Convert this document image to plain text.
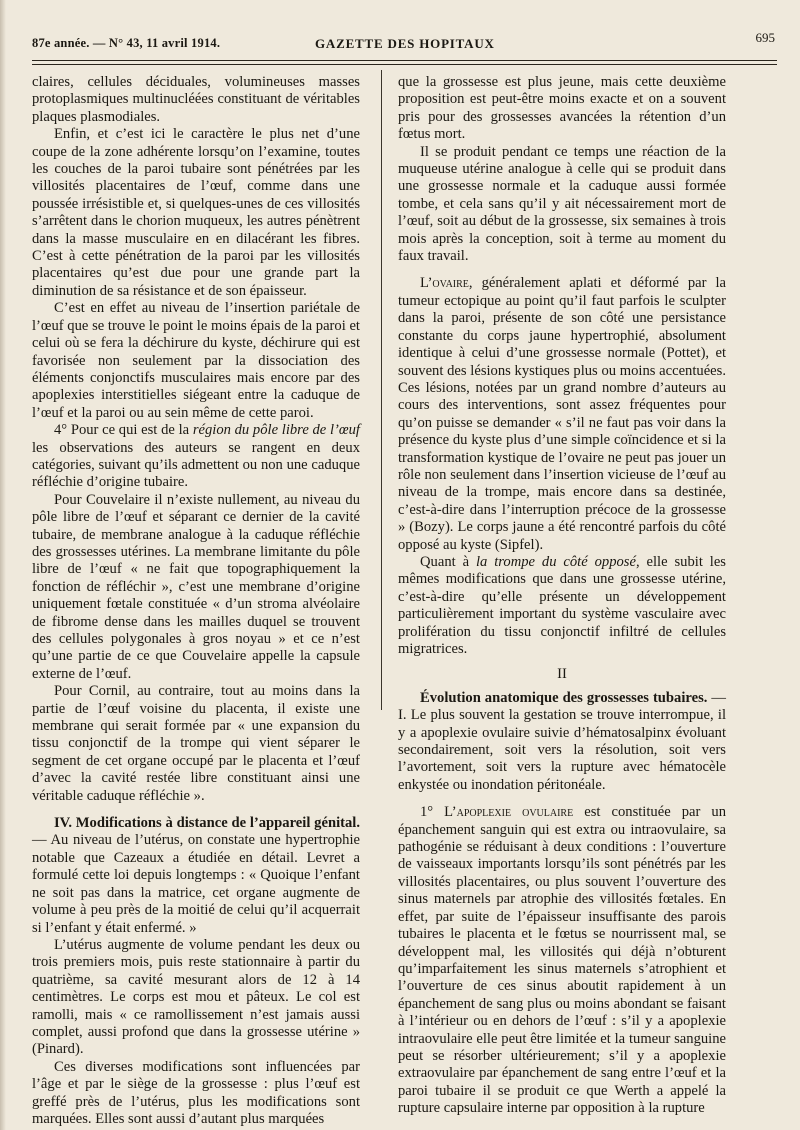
87e année. — N° 43, 11 avril 1914.	GAZETTE DES HOPITAUX	695

claires, cellules déciduales, volumineuses masses protoplasmiques multinucléées constituant de véritables plaques plasmodiales.

Enfin, et c’est ici le caractère le plus net d’une coupe de la zone adhérente lorsqu’on l’examine, toutes les couches de la paroi tubaire sont pénétrées par les villosités placentaires de l’œuf, comme dans une poussée irrésistible et, si quelques-unes de ces villosités s’arrêtent dans le chorion muqueux, les autres pénètrent dans la masse musculaire en en dilacérant les fibres. C’est à cette pénétration de la paroi par les villosités placentaires qu’est due pour une grande part la diminution de sa résistance et de son épaisseur.

C’est en effet au niveau de l’insertion pariétale de l’œuf que se trouve le point le moins épais de la paroi et celui où se fera la déchirure du kyste, déchirure qui est favorisée non seulement par la dissociation des éléments conjonctifs musculaires mais encore par des apoplexies interstitielles siégeant entre la caduque de l’œuf et la paroi ou au sein même de cette paroi.

4° Pour ce qui est de la région du pôle libre de l’œuf les observations des auteurs se rangent en deux catégories, suivant qu’ils admettent ou non une caduque réfléchie d’origine tubaire.

Pour Couvelaire il n’existe nullement, au niveau du pôle libre de l’œuf et séparant ce dernier de la cavité tubaire, de membrane analogue à la caduque réfléchie des grossesses utérines. La membrane limitante du pôle libre de l’œuf « ne fait que topographiquement la fonction de réfléchir », c’est une membrane d’origine uniquement fœtale constituée « d’un stroma alvéolaire de fibrome dense dans les mailles duquel se trouvent des cellules polygonales à gros noyau » et ce n’est qu’une partie de ce que Couvelaire appelle la capsule externe de l’œuf.

Pour Cornil, au contraire, tout au moins dans la partie de l’œuf voisine du placenta, il existe une membrane qui serait formée par « une expansion du tissu conjonctif de la trompe qui vient séparer le segment de cet organe occupé par le placenta et l’œuf d’avec la cavité restée libre constituant ainsi une véritable caduque réfléchie ».

IV. Modifications à distance de l’appareil génital. — Au niveau de l’utérus, on constate une hypertrophie notable que Cazeaux a étudiée en détail. Levret a formulé cette loi depuis longtemps : « Quoique l’enfant ne soit pas dans la matrice, cet organe augmente de volume à peu près de la moitié de celui qu’il acquerrait si l’enfant y était enfermé. »

L’utérus augmente de volume pendant les deux ou trois premiers mois, puis reste stationnaire à partir du quatrième, sa cavité mesurant alors de 12 à 14 centimètres. Le corps est mou et pâteux. Le col est ramolli, mais « ce ramollissement n’est jamais aussi complet, aussi profond que dans la grossesse utérine » (Pinard).

Ces diverses modifications sont influencées par l’âge et par le siège de la grossesse : plus l’œuf est greffé près de l’utérus, plus les modifications sont marquées. Elles sont aussi d’autant plus marquées

que la grossesse est plus jeune, mais cette deuxième proposition est peut-être moins exacte et on a souvent pris pour des grossesses avancées la rétention d’un fœtus mort.

Il se produit pendant ce temps une réaction de la muqueuse utérine analogue à celle qui se produit dans une grossesse normale et la caduque aussi formée tombe, et cela sans qu’il y ait nécessairement mort de l’œuf, soit au début de la grossesse, six semaines à trois mois après la conception, soit à terme au moment du faux travail.

L’ovaire, généralement aplati et déformé par la tumeur ectopique au point qu’il faut parfois le sculpter dans la paroi, présente de son côté une persistance constante du corps jaune hypertrophié, absolument identique à celui d’une grossesse normale (Pottet), et souvent des lésions kystiques plus ou moins accentuées. Ces lésions, notées par un grand nombre d’auteurs au cours des interventions, sont assez fréquentes pour qu’on puisse se demander « s’il ne faut pas voir dans la présence du kyste plus d’une simple coïncidence et si la transformation kystique de l’ovaire ne peut pas jouer un rôle non seulement dans l’insertion vicieuse de l’œuf au niveau de la trompe, mais encore dans sa destinée, c’est-à-dire dans l’interruption précoce de la grossesse » (Bozy). Le corps jaune a été rencontré parfois du côté opposé au kyste (Sipfel).

Quant à la trompe du côté opposé, elle subit les mêmes modifications que dans une grossesse utérine, c’est-à-dire qu’elle présente un développement particulièrement important du système vasculaire avec prolifération du tissu conjonctif infiltré de cellules migratrices.

II

Évolution anatomique des grossesses tubaires. — I. Le plus souvent la gestation se trouve interrompue, il y a apoplexie ovulaire suivie d’hématosalpinx évoluant secondairement, soit vers la résolution, soit vers l’avortement, soit vers la rupture avec hématocèle enkystée ou inondation péritonéale.

1° L’apoplexie ovulaire est constituée par un épanchement sanguin qui est extra ou intraovulaire, sa pathogénie se réduisant à deux conditions : l’ouverture de vaisseaux importants lorsqu’ils sont pénétrés par les villosités placentaires, ou plus souvent l’ouverture des sinus maternels par atrophie des villosités fœtales. En effet, par suite de l’épaisseur insuffisante des parois tubaires le placenta et le fœtus se nourrissent mal, se développent mal, les villosités qui déjà n’obturent qu’imparfaitement les sinus maternels s’atrophient et l’ouverture de ces sinus aboutit rapidement à un épanchement de sang plus ou moins abondant se faisant à l’intérieur ou en dehors de l’œuf : s’il y a apoplexie intraovulaire elle peut être limitée et la tumeur sanguine peut se résorber ultérieurement; s’il y a apoplexie extraovulaire par épanchement de sang entre l’œuf et la paroi tubaire il se produit ce que Werth a appelé la rupture capsulaire interne par opposition à la rupture
